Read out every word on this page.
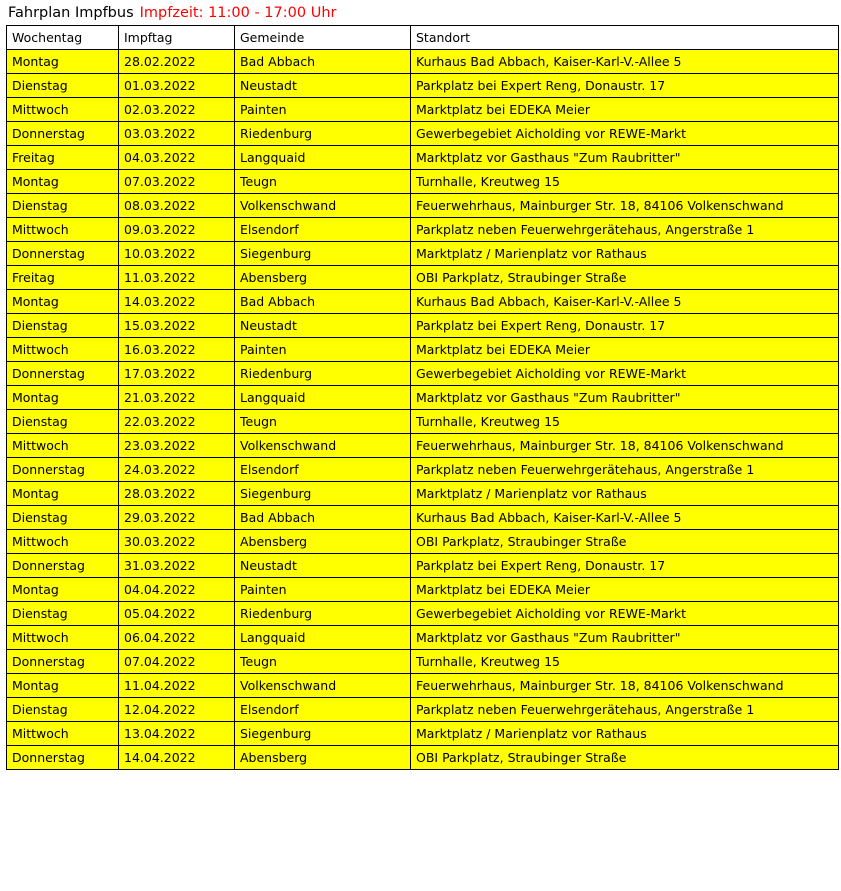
Fahrplan Impfbus Impfzeit: 11:00 - 17:00 Uhr
Wochentag	Impftag	Gemeinde	Standort
Montag	28.02.2022	Bad Abbach	Kurhaus Bad Abbach, Kaiser-Karl-V.-Allee 5
Dienstag	01.03.2022	Neustadt	Parkplatz bei Expert Reng, Donaustr. 17
Mittwoch	02.03.2022	Painten	Marktplatz bei EDEKA Meier
Donnerstag	03.03.2022	Riedenburg	Gewerbegebiet Aicholding vor REWE-Markt
Freitag	04.03.2022	Langquaid	Marktplatz vor Gasthaus "Zum Raubritter"
Montag	07.03.2022	Teugn	Turnhalle, Kreutweg 15
Dienstag	08.03.2022	Volkenschwand	Feuerwehrhaus, Mainburger Str. 18, 84106 Volkenschwand
Mittwoch	09.03.2022	Elsendorf	Parkplatz neben Feuerwehrgerätehaus, Angerstraße 1
Donnerstag	10.03.2022	Siegenburg	Marktplatz / Marienplatz vor Rathaus
Freitag	11.03.2022	Abensberg	OBI Parkplatz, Straubinger Straße
Montag	14.03.2022	Bad Abbach	Kurhaus Bad Abbach, Kaiser-Karl-V.-Allee 5
Dienstag	15.03.2022	Neustadt	Parkplatz bei Expert Reng, Donaustr. 17
Mittwoch	16.03.2022	Painten	Marktplatz bei EDEKA Meier
Donnerstag	17.03.2022	Riedenburg	Gewerbegebiet Aicholding vor REWE-Markt
Montag	21.03.2022	Langquaid	Marktplatz vor Gasthaus "Zum Raubritter"
Dienstag	22.03.2022	Teugn	Turnhalle, Kreutweg 15
Mittwoch	23.03.2022	Volkenschwand	Feuerwehrhaus, Mainburger Str. 18, 84106 Volkenschwand
Donnerstag	24.03.2022	Elsendorf	Parkplatz neben Feuerwehrgerätehaus, Angerstraße 1
Montag	28.03.2022	Siegenburg	Marktplatz / Marienplatz vor Rathaus
Dienstag	29.03.2022	Bad Abbach	Kurhaus Bad Abbach, Kaiser-Karl-V.-Allee 5
Mittwoch	30.03.2022	Abensberg	OBI Parkplatz, Straubinger Straße
Donnerstag	31.03.2022	Neustadt	Parkplatz bei Expert Reng, Donaustr. 17
Montag	04.04.2022	Painten	Marktplatz bei EDEKA Meier
Dienstag	05.04.2022	Riedenburg	Gewerbegebiet Aicholding vor REWE-Markt
Mittwoch	06.04.2022	Langquaid	Marktplatz vor Gasthaus "Zum Raubritter"
Donnerstag	07.04.2022	Teugn	Turnhalle, Kreutweg 15
Montag	11.04.2022	Volkenschwand	Feuerwehrhaus, Mainburger Str. 18, 84106 Volkenschwand
Dienstag	12.04.2022	Elsendorf	Parkplatz neben Feuerwehrgerätehaus, Angerstraße 1
Mittwoch	13.04.2022	Siegenburg	Marktplatz / Marienplatz vor Rathaus
Donnerstag	14.04.2022	Abensberg	OBI Parkplatz, Straubinger Straße
